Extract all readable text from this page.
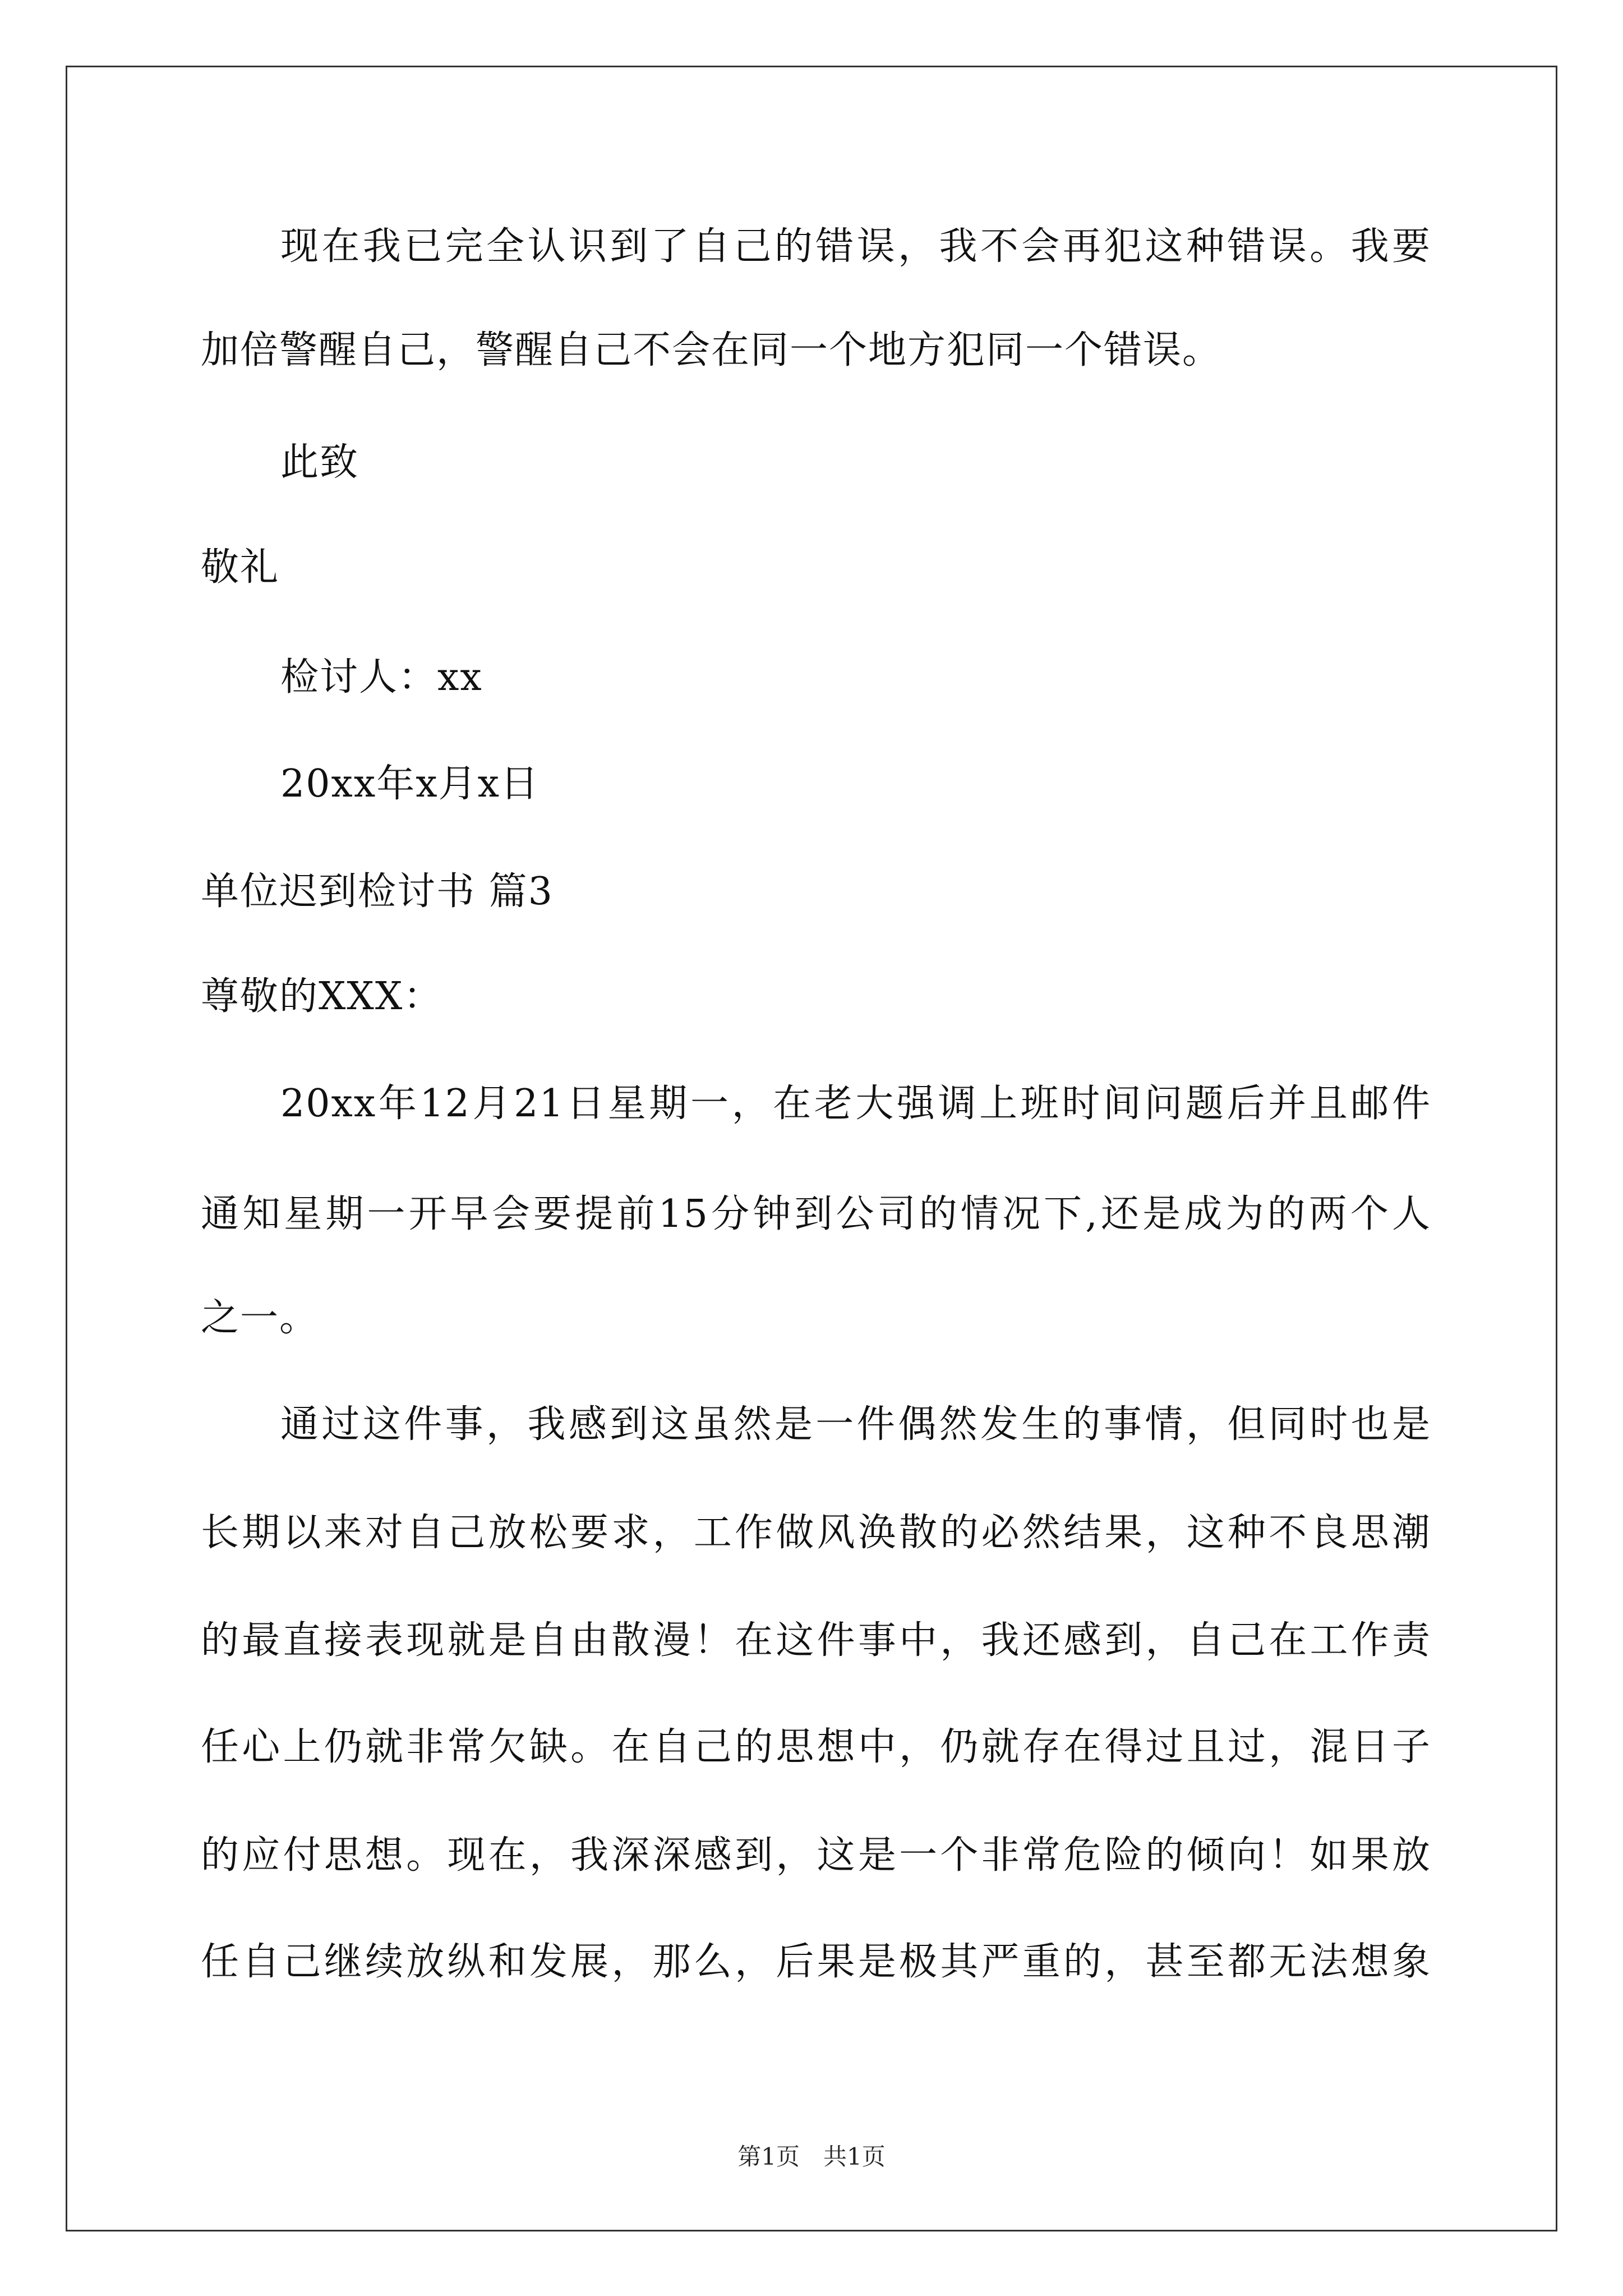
现在我已完全认识到了自己的错误，我不会再犯这种错误。我要
加倍警醒自己，警醒自己不会在同一个地方犯同一个错误。
此致
敬礼
检讨人：xx
20xx年x月x日
单位迟到检讨书 篇3
尊敬的XXX：
20xx年12月21日星期一，在老大强调上班时间问题后并且邮件
通知星期一开早会要提前15分钟到公司的情况下,还是成为的两个人
之一。
通过这件事，我感到这虽然是一件偶然发生的事情，但同时也是
长期以来对自己放松要求，工作做风涣散的必然结果，这种不良思潮
的最直接表现就是自由散漫！在这件事中，我还感到，自己在工作责
任心上仍就非常欠缺。在自己的思想中，仍就存在得过且过，混日子
的应付思想。现在，我深深感到，这是一个非常危险的倾向！如果放
任自己继续放纵和发展，那么，后果是极其严重的，甚至都无法想象
第1页　共1页
